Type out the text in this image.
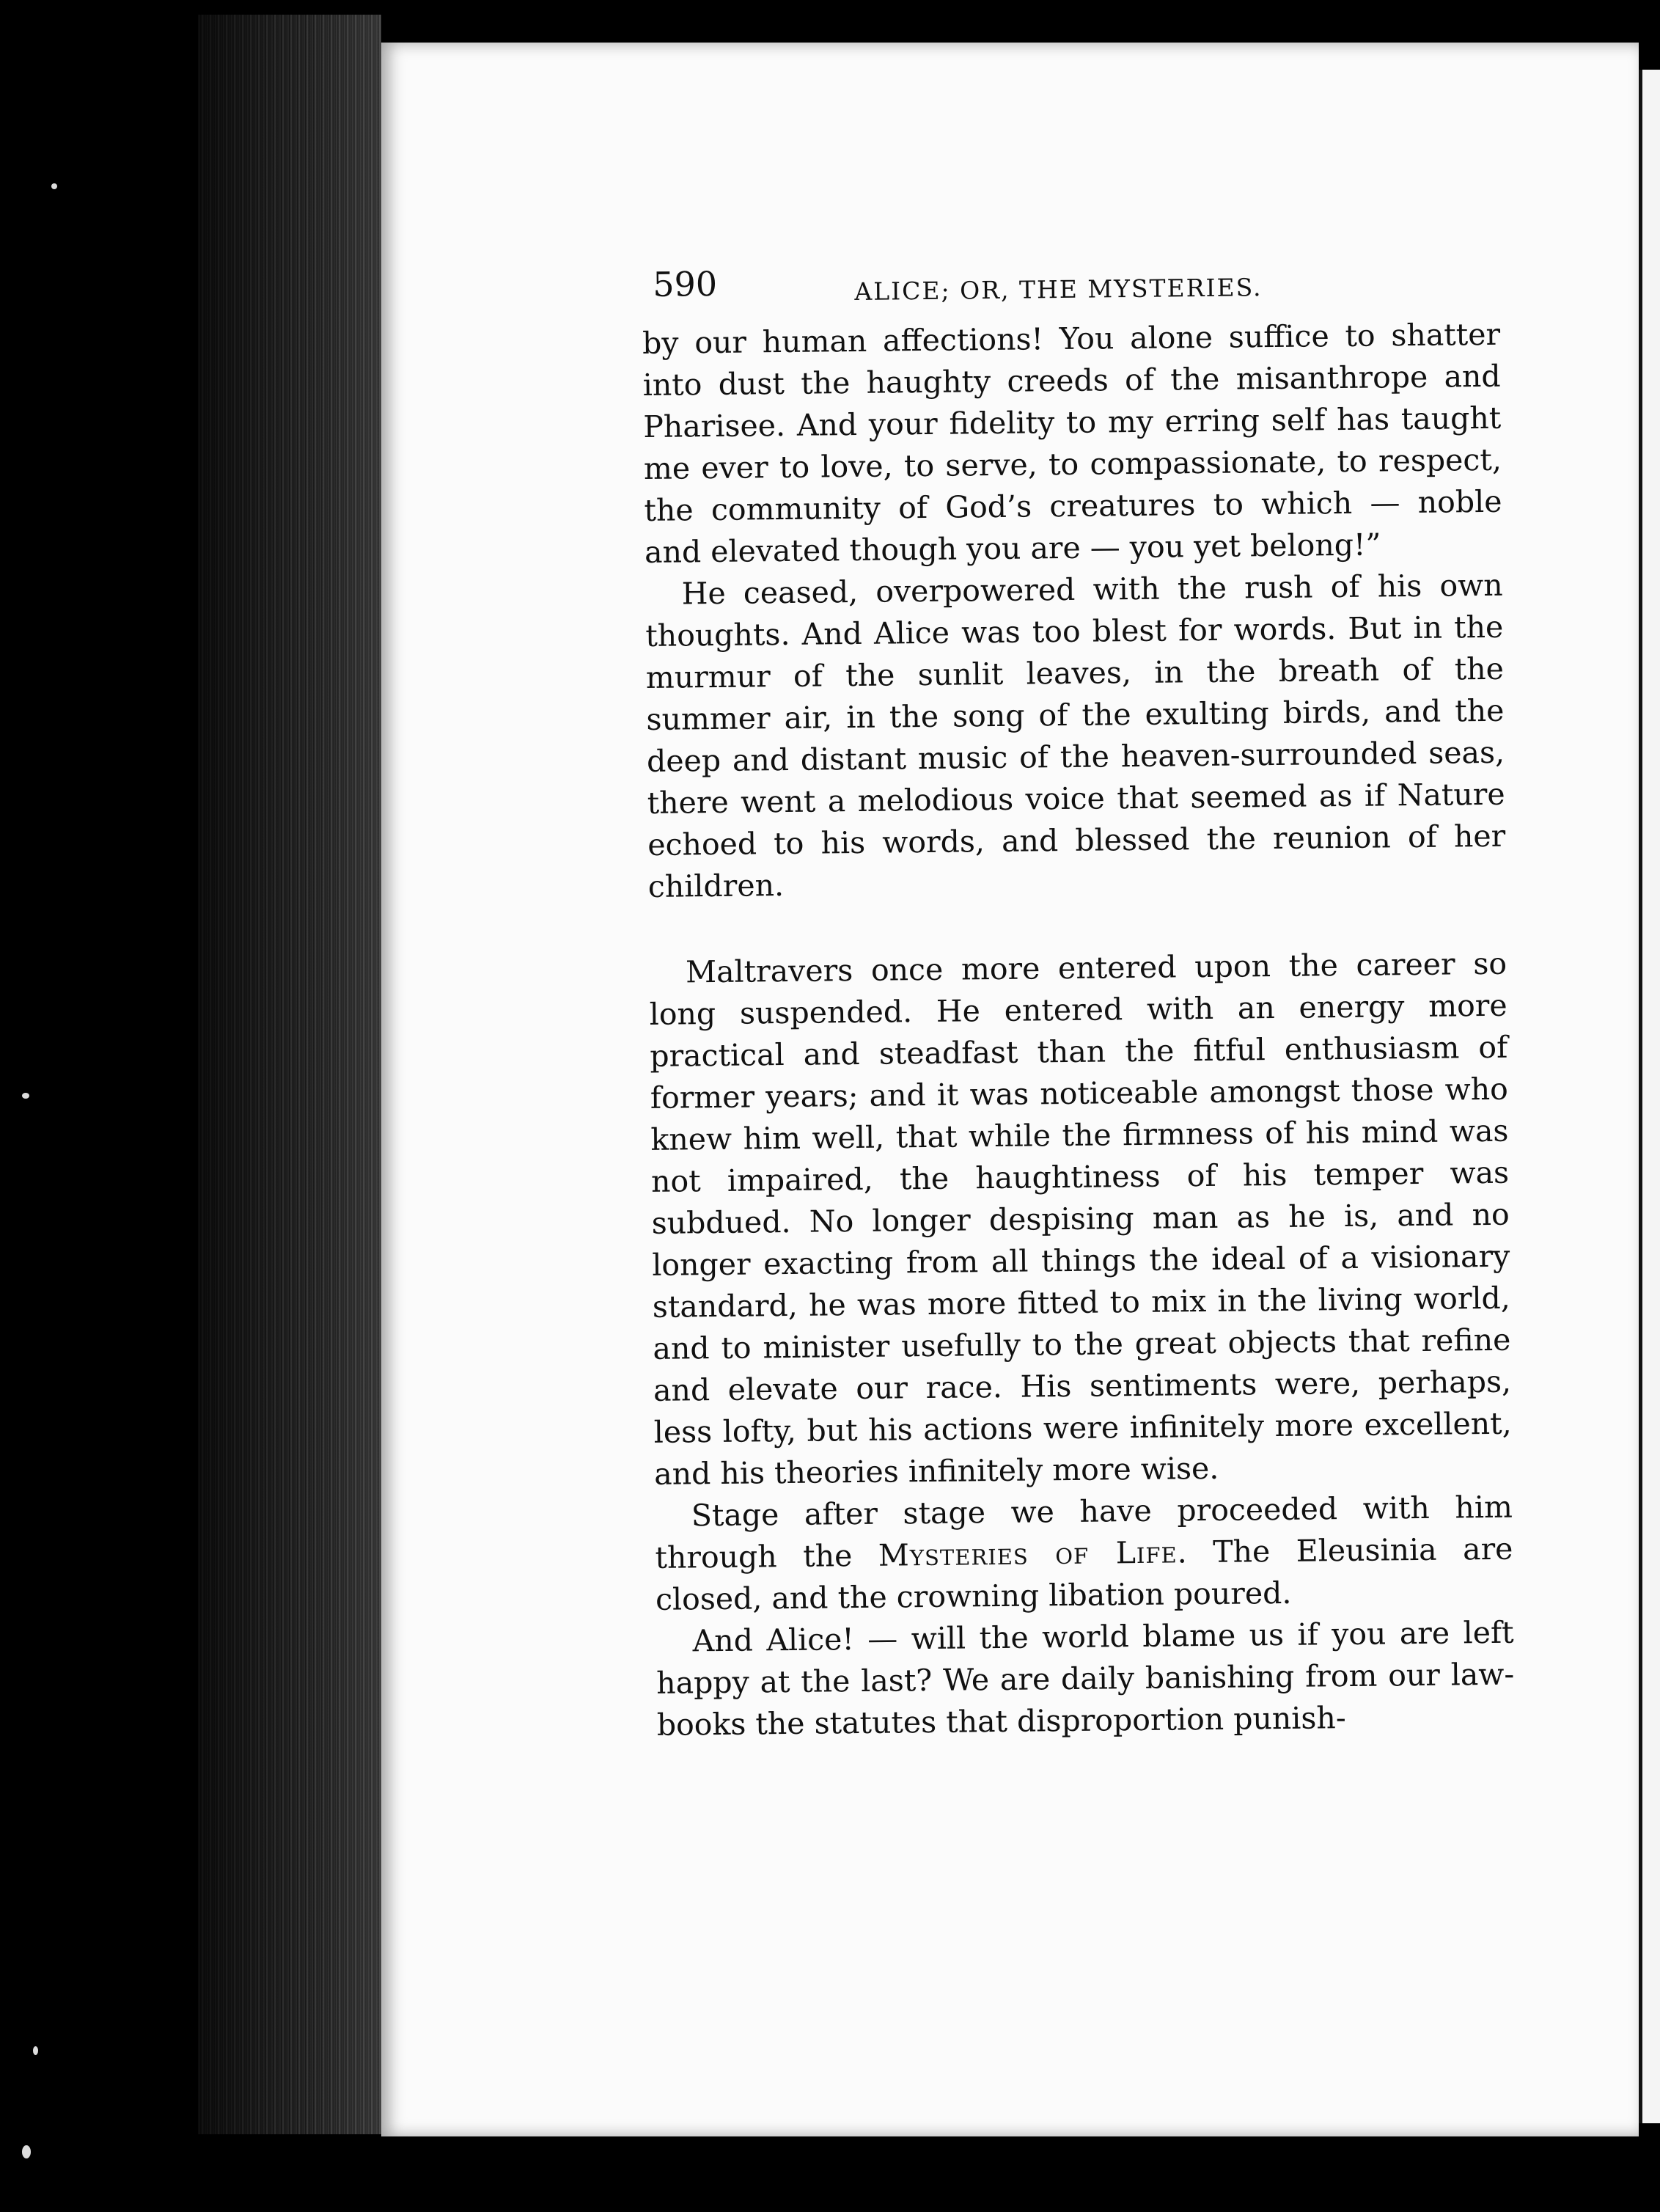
590	ALICE; OR, THE MYSTERIES.

by our human affections! You alone suffice to shatter into dust the haughty creeds of the misanthrope and Pharisee. And your fidelity to my erring self has taught me ever to love, to serve, to compassionate, to respect, the community of God’s creatures to which — noble and elevated though you are — you yet belong!”

He ceased, overpowered with the rush of his own thoughts. And Alice was too blest for words. But in the murmur of the sunlit leaves, in the breath of the summer air, in the song of the exulting birds, and the deep and distant music of the heaven-surrounded seas, there went a melodious voice that seemed as if Nature echoed to his words, and blessed the reunion of her children.

Maltravers once more entered upon the career so long suspended. He entered with an energy more practical and steadfast than the fitful enthusiasm of former years; and it was noticeable amongst those who knew him well, that while the firmness of his mind was not impaired, the haughtiness of his temper was subdued. No longer despising man as he is, and no longer exacting from all things the ideal of a visionary standard, he was more fitted to mix in the living world, and to minister usefully to the great objects that refine and elevate our race. His sentiments were, perhaps, less lofty, but his actions were infinitely more excellent, and his theories infinitely more wise.

Stage after stage we have proceeded with him through the Mysteries of Life. The Eleusinia are closed, and the crowning libation poured.

And Alice! — will the world blame us if you are left happy at the last? We are daily banishing from our law-books the statutes that disproportion punish-
